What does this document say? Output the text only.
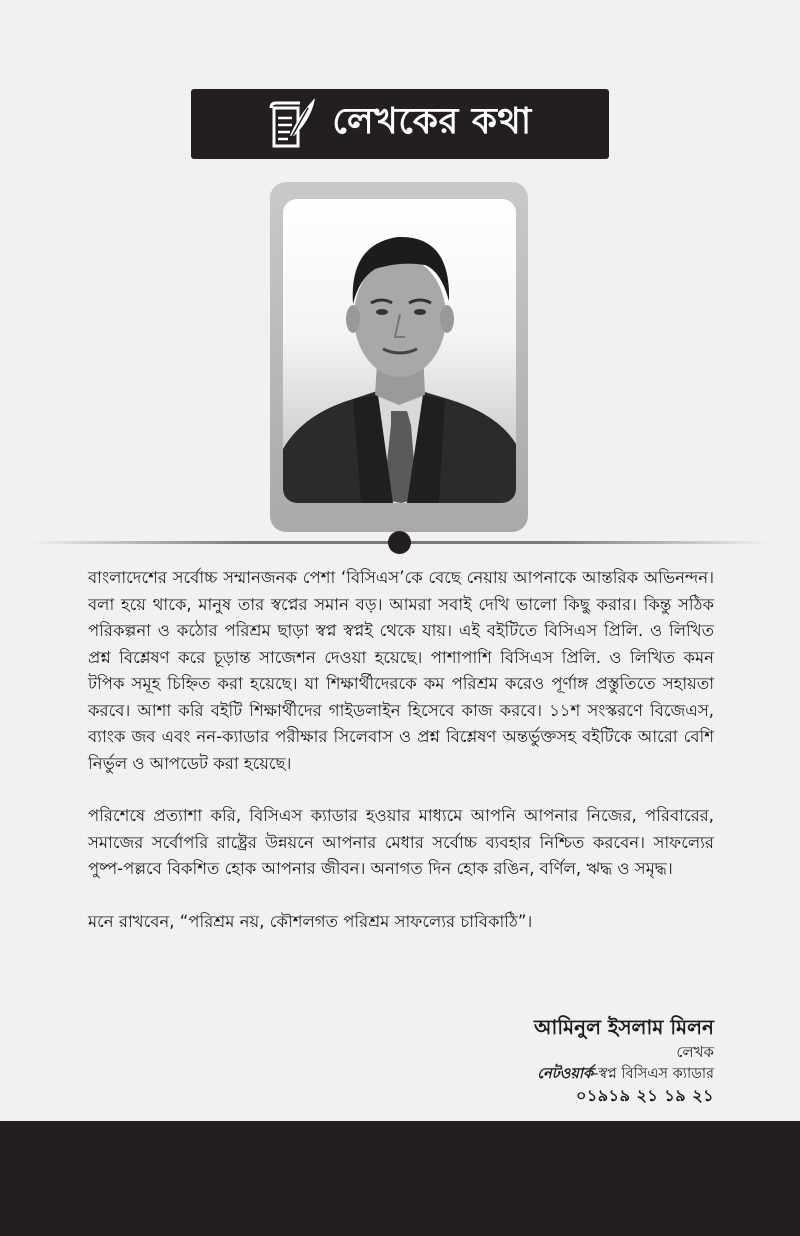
লেখকের কথা

বাংলাদেশের সর্বোচ্চ সম্মানজনক পেশা ‘বিসিএস’কে বেছে নেয়ায় আপনাকে আন্তরিক অভিনন্দন। বলা হয়ে থাকে, মানুষ তার স্বপ্নের সমান বড়। আমরা সবাই দেখি ভালো কিছু করার। কিন্তু সঠিক পরিকল্পনা ও কঠোর পরিশ্রম ছাড়া স্বপ্ন স্বপ্নই থেকে যায়। এই বইটিতে বিসিএস প্রিলি. ও লিখিত প্রশ্ন বিশ্লেষণ করে চূড়ান্ত সাজেশন দেওয়া হয়েছে। পাশাপাশি বিসিএস প্রিলি. ও লিখিত কমন টপিক সমূহ চিহ্নিত করা হয়েছে। যা শিক্ষার্থীদেরকে কম পরিশ্রম করেও পূর্ণাঙ্গ প্রস্তুতিতে সহায়তা করবে। আশা করি বইটি শিক্ষার্থীদের গাইডলাইন হিসেবে কাজ করবে। ১১শ সংস্করণে বিজেএস, ব্যাংক জব এবং নন-ক্যাডার পরীক্ষার সিলেবাস ও প্রশ্ন বিশ্লেষণ অন্তর্ভুক্তসহ বইটিকে আরো বেশি নির্ভুল ও আপডেট করা হয়েছে।

পরিশেষে প্রত্যাশা করি, বিসিএস ক্যাডার হওয়ার মাধ্যমে আপনি আপনার নিজের, পরিবারের, সমাজের সর্বোপরি রাষ্ট্রের উন্নয়নে আপনার মেধার সর্বোচ্চ ব্যবহার নিশ্চিত করবেন। সাফল্যের পুষ্প-পল্লবে বিকশিত হোক আপনার জীবন। অনাগত দিন হোক রঙিন, বর্ণিল, ঋদ্ধ ও সমৃদ্ধ।

মনে রাখবেন, “পরিশ্রম নয়, কৌশলগত পরিশ্রম সাফল্যের চাবিকাঠি”।

আমিনুল ইসলাম মিলন
লেখক
নেটওয়ার্ক-স্বপ্ন বিসিএস ক্যাডার
০১৯১৯ ২১ ১৯ ২১
